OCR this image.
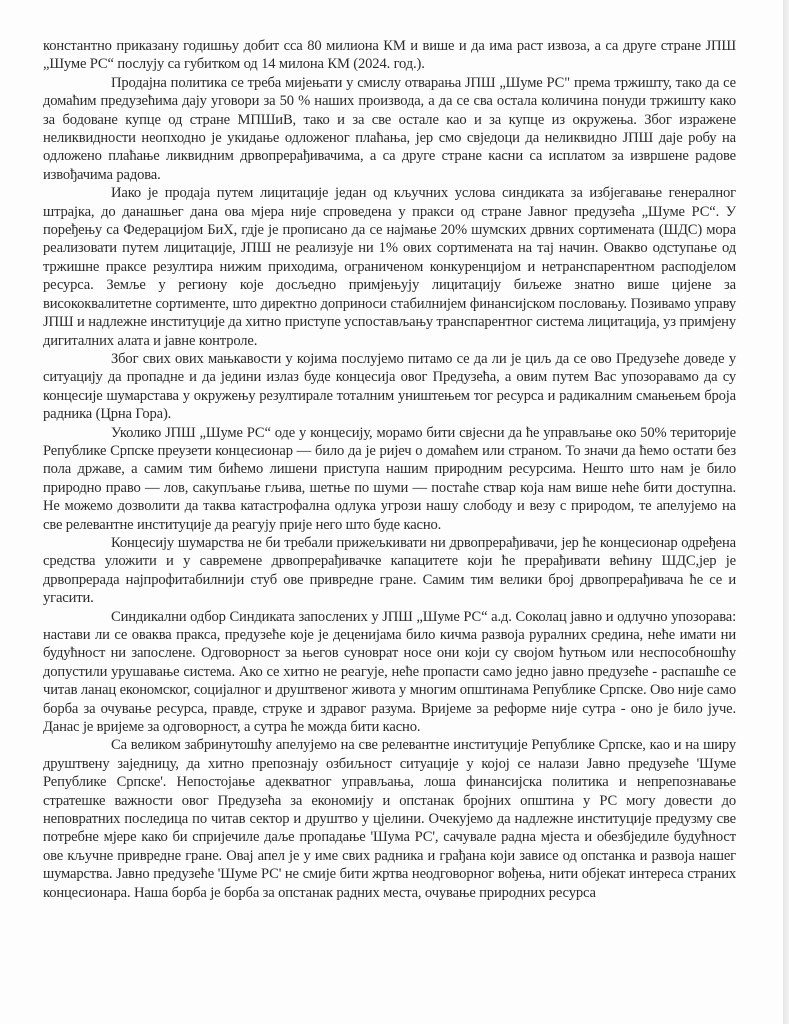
константно приказану годишњу добит cca 80 милиона КМ и више и да има раст извоза, а са друге стране ЈПШ „Шуме РС“ послују са губитком од 14 милона КМ (2024. год.).

Продајна политика се треба мијењати у смислу отварања ЈПШ „Шуме РС" према тржишту, тако да се домаћим предузећима дају уговори за 50 % наших производа, а да се сва остала количина понуди тржишту како за бодоване купце од стране МПШиВ, тако и за све остале као и за купце из окружења. Због изражене неликвидности неопходно је укидање одложеног плаћања, јер смо свједоци да неликвидно ЈПШ даје робу на одложено плаћање ликвидним дрвопрерађивачима, а са друге стране касни са исплатом за извршене радове извођачима радова.

Иако је продаја путем лицитације један од кључних услова синдиката за избјегавање генералног штрајка, до данашњег дана ова мјера није спроведена у пракси од стране Јавног предузећа „Шуме РС“. У поређењу са Федерацијом БиХ, гдје је прописано да се најмање 20% шумских дрвних сортимената (ШДС) мора реализовати путем лицитације, ЈПШ не реализује ни 1% ових сортимената на тај начин. Овакво одступање од тржишне праксе резултира нижим приходима, ограниченом конкуренцијом и нетранспарентном расподјелом ресурса. Земље у региону које досљедно примјењују лицитацију биљеже знатно више цијене за висококвалитетне сортименте, што директно доприноси стабилнијем финансијском пословању. Позивамо управу ЈПШ и надлежне институције да хитно приступе успостављању транспарентног система лицитација, уз примјену дигиталних алата и јавне контроле.

Због свих ових мањкавости у којима послујемо питамо се да ли је циљ да се ово Предузеће доведе у ситуацију да пропадне и да једини излаз буде концесија овог Предузећа, а овим путем Вас упозоравамо да су концесије шумарстава у окружењу резултирале тоталним уништењем тог ресурса и радикалним смањењем броја радника (Црна Гора).

Уколико ЈПШ „Шуме РС“ оде у концесију, морамо бити свјесни да ће управљање око 50% територије Републике Српске преузети концесионар — било да је ријеч о домаћем или страном. То значи да ћемо остати без пола државе, а самим тим бићемо лишени приступа нашим природним ресурсима. Нешто што нам је било природно право — лов, сакупљање гљива, шетње по шуми — постаће ствар која нам више неће бити доступна. Не можемо дозволити да таква катастрофална одлука угрози нашу слободу и везу с природом, те апелујемо на све релевантне институције да реагују прије него што буде касно.

Концесију шумарства не би требали прижељкивати ни дрвопрерађивачи, јер ће концесионар одређена средства уложити и у савремене дрвопрерађивачке капацитете који ће прерађивати већину ШДС,јер је дрвопрерада најпрофитабилнији стуб ове привредне гране. Самим тим велики број дрвопрерађивача ће се и угасити.

Синдикални одбор Синдиката запослених у ЈПШ „Шуме РС“ а.д. Соколац јавно и одлучно упозорава: настави ли се оваква пракса, предузеће које је деценијама било кичма развоја руралних средина, неће имати ни будућност ни запослене. Одговорност за његов суноврат носе они који су својом ћутњом или неспособношћу допустили урушавање система. Ако се хитно не реагује, неће пропасти само једно јавно предузеће - распашће се читав ланац економског, социјалног и друштвеног живота у многим општинама Републике Српске. Ово није само борба за очување ресурса, правде, струке и здравог разума. Вријеме за реформе није сутра - оно је било јуче. Данас је вријеме за одговорност, а сутра ће можда бити касно.

Са великом забринутошћу апелујемо на све релевантне институције Републике Српске, као и на ширу друштвену заједницу, да хитно препознају озбиљност ситуације у којој се налази Јавно предузеће 'Шуме Републике Српске'. Непостојање адекватног управљања, лоша финансијска политика и непрепознавање стратешке важности овог Предузећа за економију и опстанак бројних општина у РС могу довести до неповратних последица по читав сектор и друштво у цјелини. Очекујемо да надлежне институције предузму све потребне мјере како би спријечиле даље пропадање 'Шума РС', сачувале радна мјеста и обезбједиле будућност ове кључне привредне гране. Овај апел је у име свих радника и грађана који зависе од опстанка и развоја нашег шумарства. Јавно предузеће 'Шуме РС' не смије бити жртва неодговорног вођења, нити објекат интереса страних концесионара. Наша борба је борба за опстанак радних места, очување природних ресурса
